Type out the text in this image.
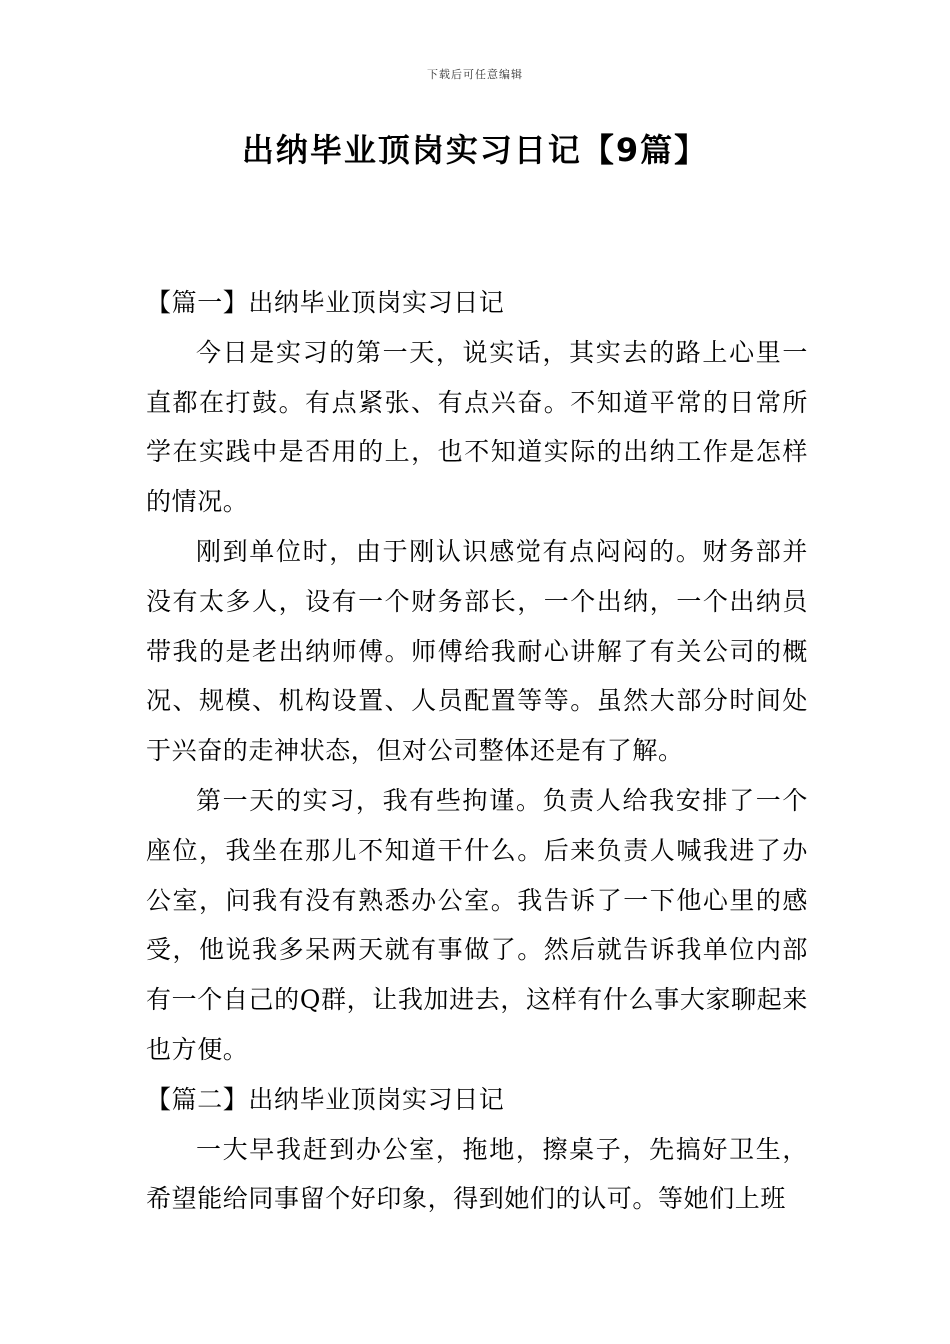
下载后可任意编辑
出纳毕业顶岗实习日记【9篇】
【篇一】出纳毕业顶岗实习日记

今日是实习的第一天，说实话，其实去的路上心里一直都在打鼓。有点紧张、有点兴奋。不知道平常的日常所学在实践中是否用的上，也不知道实际的出纳工作是怎样的情况。

刚到单位时，由于刚认识感觉有点闷闷的。财务部并没有太多人，设有一个财务部长，一个出纳，一个出纳员带我的是老出纳师傅。师傅给我耐心讲解了有关公司的概况、规模、机构设置、人员配置等等。虽然大部分时间处于兴奋的走神状态，但对公司整体还是有了解。

第一天的实习，我有些拘谨。负责人给我安排了一个座位，我坐在那儿不知道干什么。后来负责人喊我进了办公室，问我有没有熟悉办公室。我告诉了一下他心里的感受，他说我多呆两天就有事做了。然后就告诉我单位内部有一个自己的Q群，让我加进去，这样有什么事大家聊起来也方便。

【篇二】出纳毕业顶岗实习日记

一大早我赶到办公室，拖地，擦桌子，先搞好卫生，希望能给同事留个好印象，得到她们的认可。等她们上班
